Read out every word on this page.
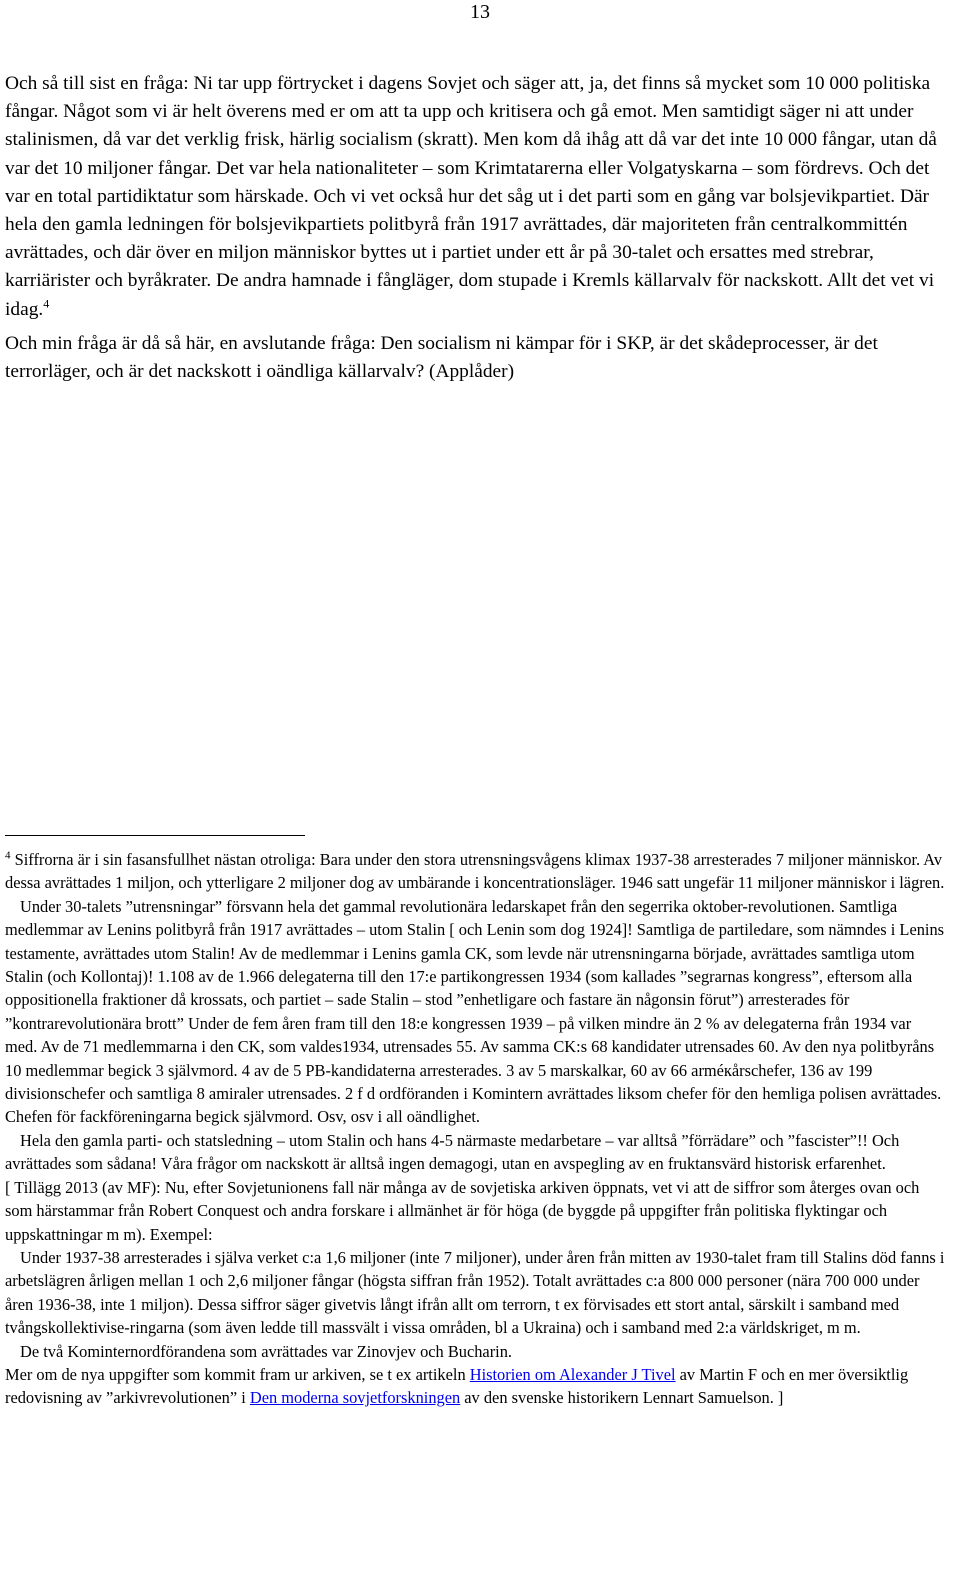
13

Och så till sist en fråga: Ni tar upp förtrycket i dagens Sovjet och säger att, ja, det finns så mycket som 10 000 politiska fångar. Något som vi är helt överens med er om att ta upp och kritisera och gå emot. Men samtidigt säger ni att under stalinismen, då var det verklig frisk, härlig socialism (skratt). Men kom då ihåg att då var det inte 10 000 fångar, utan då var det 10 miljoner fångar. Det var hela nationaliteter – som Krimtatarerna eller Volgatyskarna – som fördrevs. Och det var en total partidiktatur som härskade. Och vi vet också hur det såg ut i det parti som en gång var bolsjevikpartiet. Där hela den gamla ledningen för bolsjevikpartiets politbyrå från 1917 avrättades, där majoriteten från centralkommittén avrättades, och där över en miljon människor byttes ut i partiet under ett år på 30-talet och ersattes med strebrar, karriärister och byråkrater. De andra hamnade i fångläger, dom stupade i Kremls källarvalv för nackskott. Allt det vet vi idag.$^4$

Och min fråga är då så här, en avslutande fråga: Den socialism ni kämpar för i SKP, är det skådeprocesser, är det terrorläger, och är det nackskott i oändliga källarvalv? (Applåder)

$^4$ Siffrorna är i sin fasansfullhet nästan otroliga: Bara under den stora utrensningsvågens klimax 1937-38 arresterades 7 miljoner människor. Av dessa avrättades 1 miljon, och ytterligare 2 miljoner dog av umbärande i koncentrationsläger. 1946 satt ungefär 11 miljoner människor i lägren.

Under 30-talets ”utrensningar” försvann hela det gammal revolutionära ledarskapet från den segerrika oktober-revolutionen. Samtliga medlemmar av Lenins politbyrå från 1917 avrättades – utom Stalin [ och Lenin som dog 1924]! Samtliga de partiledare, som nämndes i Lenins testamente, avrättades utom Stalin! Av de medlemmar i Lenins gamla CK, som levde när utrensningarna började, avrättades samtliga utom Stalin (och Kollontaj)! 1.108 av de 1.966 delegaterna till den 17:e partikongressen 1934 (som kallades ”segrarnas kongress”, eftersom alla oppositionella fraktioner då krossats, och partiet – sade Stalin – stod ”enhetligare och fastare än någonsin förut”) arresterades för ”kontrarevolutionära brott” Under de fem åren fram till den 18:e kongressen 1939 – på vilken mindre än 2 % av delegaterna från 1934 var med. Av de 71 medlemmarna i den CK, som valdes1934, utrensades 55. Av samma CK:s 68 kandidater utrensades 60. Av den nya politbyråns 10 medlemmar begick 3 självmord. 4 av de 5 PB-kandidaterna arresterades. 3 av 5 marskalkar, 60 av 66 arméкårschefer, 136 av 199 divisionschefer och samtliga 8 amiraler utrensades. 2 f d ordföranden i Komintern avrättades liksom chefer för den hemliga polisen avrättades. Chefen för fackföreningarna begick självmord. Osv, osv i all oändlighet.

Hela den gamla parti- och statsledning – utom Stalin och hans 4-5 närmaste medarbetare – var alltså ”förrädare” och ”fascister”!! Och avrättades som sådana! Våra frågor om nackskott är alltså ingen demagogi, utan en avspegling av en fruktansvärd historisk erfarenhet.

[ Tillägg 2013 (av MF): Nu, efter Sovjetunionens fall när många av de sovjetiska arkiven öppnats, vet vi att de siffror som återges ovan och som härstammar från Robert Conquest och andra forskare i allmänhet är för höga (de byggde på uppgifter från politiska flyktingar och uppskattningar m m). Exempel:

Under 1937-38 arresterades i själva verket c:a 1,6 miljoner (inte 7 miljoner), under åren från mitten av 1930-talet fram till Stalins död fanns i arbetslägren årligen mellan 1 och 2,6 miljoner fångar (högsta siffran från 1952). Totalt avrättades c:a 800 000 personer (nära 700 000 under åren 1936-38, inte 1 miljon). Dessa siffror säger givetvis långt ifrån allt om terrorn, t ex förvisades ett stort antal, särskilt i samband med tvångskollektivise-ringarna (som även ledde till massvält i vissa områden, bl a Ukraina) och i samband med 2:a världskriget, m m.

De två Kominternordförandena som avrättades var Zinovjev och Bucharin.

Mer om de nya uppgifter som kommit fram ur arkiven, se t ex artikeln Historien om Alexander J Tivel av Martin F och en mer översiktlig redovisning av ”arkivrevolutionen” i Den moderna sovjetforskningen av den svenske historikern Lennart Samuelson. ]
